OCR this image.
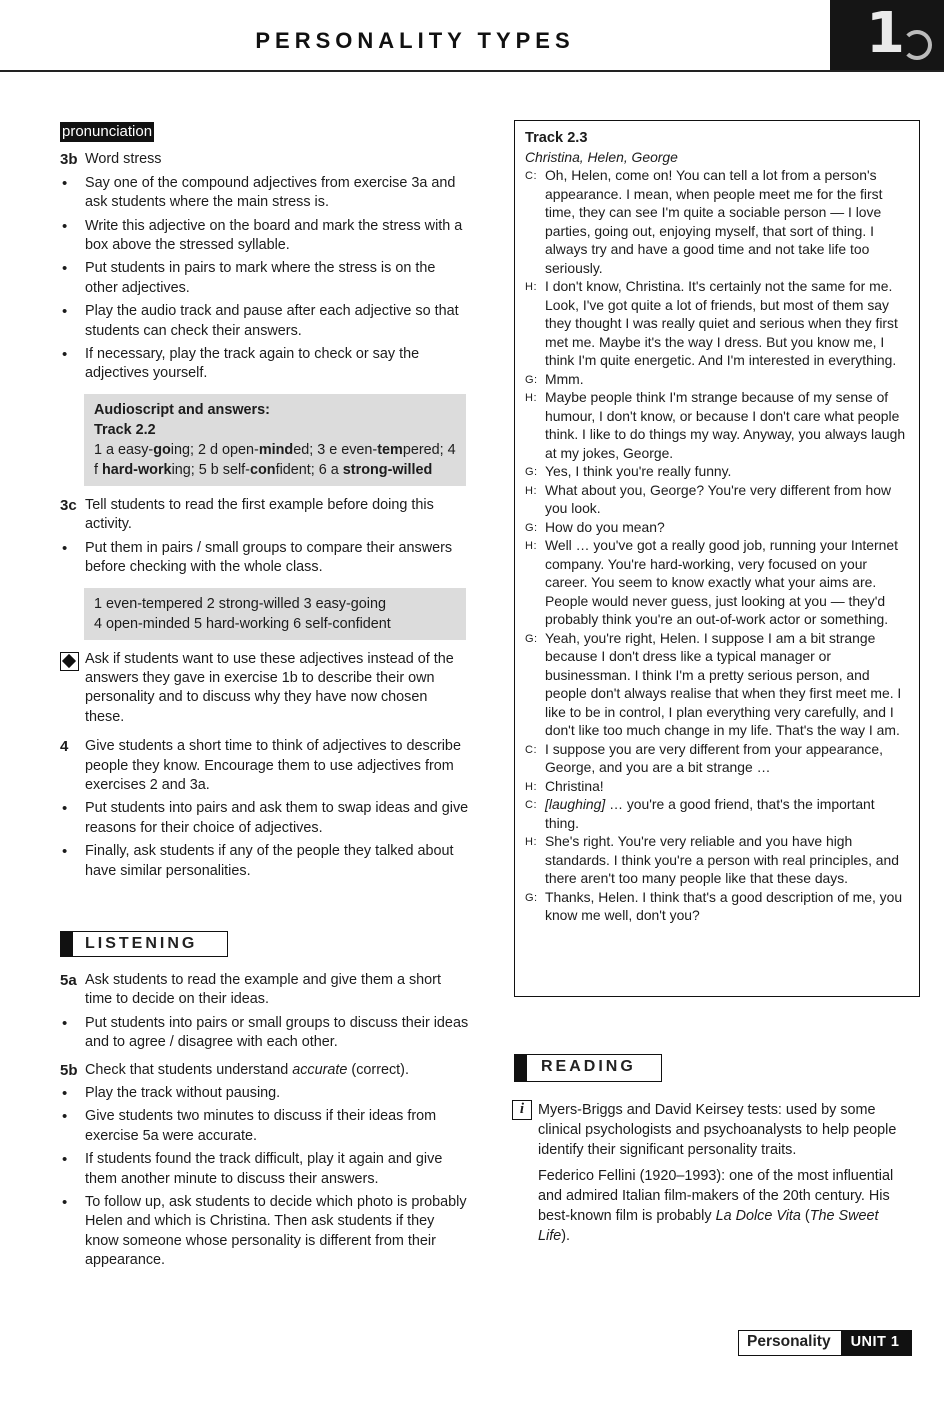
PERSONALITY TYPES	1
pronunciation
3b Word stress
• Say one of the compound adjectives from exercise 3a and ask students where the main stress is.
• Write this adjective on the board and mark the stress with a box above the stressed syllable.
• Put students in pairs to mark where the stress is on the other adjectives.
• Play the audio track and pause after each adjective so that students can check their answers.
• If necessary, play the track again to check or say the adjectives yourself.
Audioscript and answers:
Track 2.2
1 a easy-going; 2 d open-minded; 3 e even-tempered; 4 f hard-working; 5 b self-confident; 6 a strong-willed
3c Tell students to read the first example before doing this activity.
• Put them in pairs / small groups to compare their answers before checking with the whole class.
1 even-tempered 2 strong-willed 3 easy-going
4 open-minded 5 hard-working 6 self-confident
Ask if students want to use these adjectives instead of the answers they gave in exercise 1b to describe their own personality and to discuss why they have now chosen these.
4 Give students a short time to think of adjectives to describe people they know. Encourage them to use adjectives from exercises 2 and 3a.
• Put students into pairs and ask them to swap ideas and give reasons for their choice of adjectives.
• Finally, ask students if any of the people they talked about have similar personalities.
LISTENING
5a Ask students to read the example and give them a short time to decide on their ideas.
• Put students into pairs or small groups to discuss their ideas and to agree / disagree with each other.
5b Check that students understand accurate (correct).
• Play the track without pausing.
• Give students two minutes to discuss if their ideas from exercise 5a were accurate.
• If students found the track difficult, play it again and give them another minute to discuss their answers.
• To follow up, ask students to decide which photo is probably Helen and which is Christina. Then ask students if they know someone whose personality is different from their appearance.
Track 2.3
Christina, Helen, George
C: Oh, Helen, come on! You can tell a lot from a person's appearance. I mean, when people meet me for the first time, they can see I'm quite a sociable person — I love parties, going out, enjoying myself, that sort of thing. I always try and have a good time and not take life too seriously.
H: I don't know, Christina. It's certainly not the same for me. Look, I've got quite a lot of friends, but most of them say they thought I was really quiet and serious when they first met me. Maybe it's the way I dress. But you know me, I think I'm quite energetic. And I'm interested in everything.
G: Mmm.
H: Maybe people think I'm strange because of my sense of humour, I don't know, or because I don't care what people think. I like to do things my way. Anyway, you always laugh at my jokes, George.
G: Yes, I think you're really funny.
H: What about you, George? You're very different from how you look.
G: How do you mean?
H: Well … you've got a really good job, running your Internet company. You're hard-working, very focused on your career. You seem to know exactly what your aims are. People would never guess, just looking at you — they'd probably think you're an out-of-work actor or something.
G: Yeah, you're right, Helen. I suppose I am a bit strange because I don't dress like a typical manager or businessman. I think I'm a pretty serious person, and people don't always realise that when they first meet me. I like to be in control, I plan everything very carefully, and I don't like too much change in my life. That's the way I am.
C: I suppose you are very different from your appearance, George, and you are a bit strange …
H: Christina!
C: [laughing] … you're a good friend, that's the important thing.
H: She's right. You're very reliable and you have high standards. I think you're a person with real principles, and there aren't too many people like that these days.
G: Thanks, Helen. I think that's a good description of me, you know me well, don't you?
READING
i Myers-Briggs and David Keirsey tests: used by some clinical psychologists and psychoanalysts to help people identify their significant personality traits.
Federico Fellini (1920–1993): one of the most influential and admired Italian film-makers of the 20th century. His best-known film is probably La Dolce Vita (The Sweet Life).
Personality	UNIT 1
